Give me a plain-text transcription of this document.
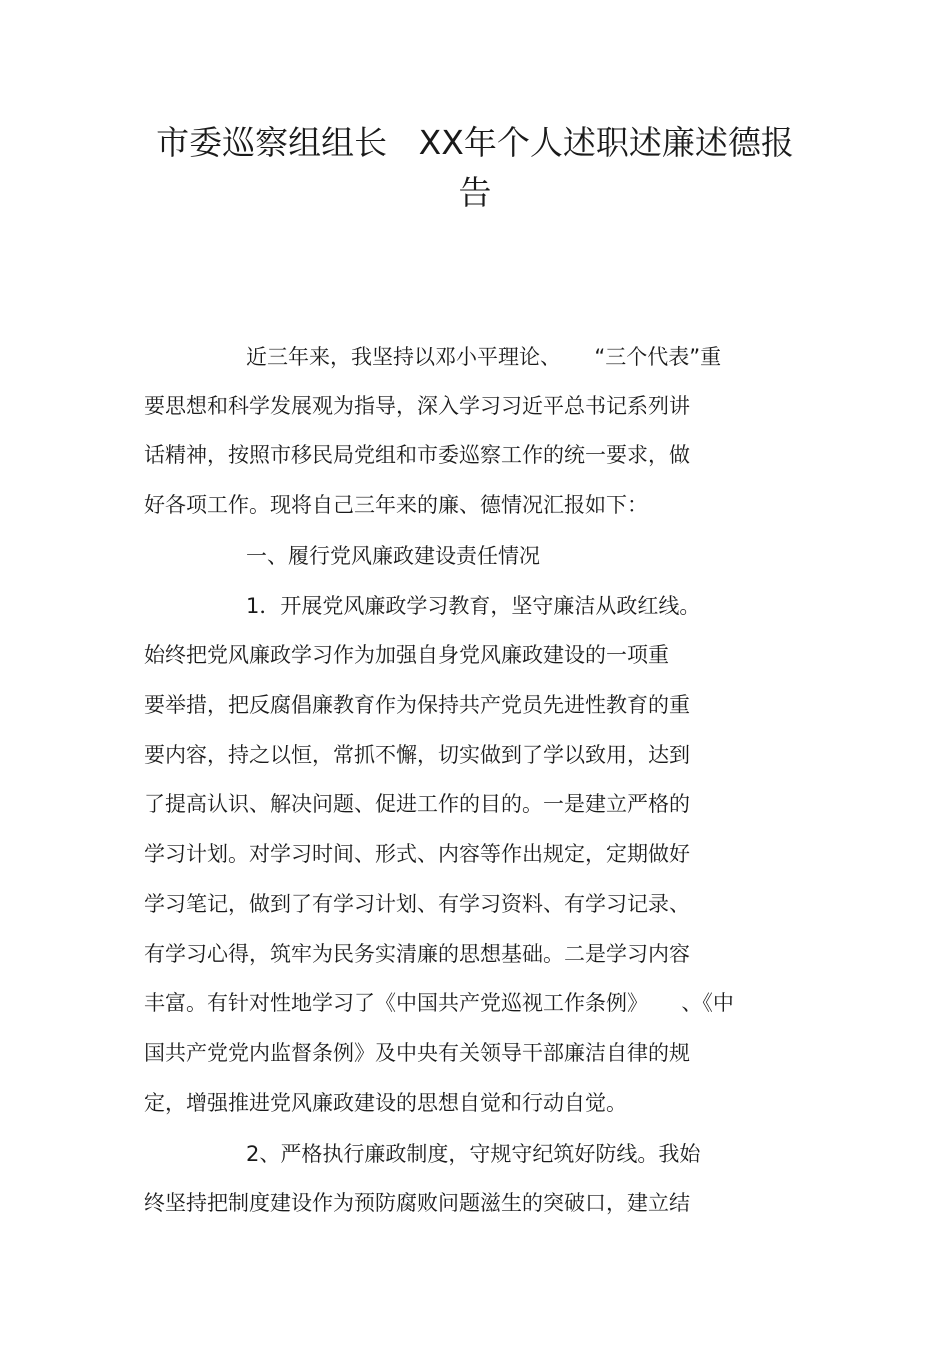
市委巡察组组长   XX年个人述职述廉述德报
告

近三年来，我坚持以邓小平理论、     “三个代表”重

要思想和科学发展观为指导，深入学习习近平总书记系列讲

话精神，按照市移民局党组和市委巡察工作的统一要求，做

好各项工作。现将自己三年来的廉、德情况汇报如下：

一、履行党风廉政建设责任情况

1．开展党风廉政学习教育，坚守廉洁从政红线。

始终把党风廉政学习作为加强自身党风廉政建设的一项重

要举措，把反腐倡廉教育作为保持共产党员先进性教育的重

要内容，持之以恒，常抓不懈，切实做到了学以致用，达到

了提高认识、解决问题、促进工作的目的。一是建立严格的

学习计划。对学习时间、形式、内容等作出规定，定期做好

学习笔记，做到了有学习计划、有学习资料、有学习记录、

有学习心得，筑牢为民务实清廉的思想基础。二是学习内容

丰富。有针对性地学习了《中国共产党巡视工作条例》     、《中

国共产党党内监督条例》及中央有关领导干部廉洁自律的规

定，增强推进党风廉政建设的思想自觉和行动自觉。

2、严格执行廉政制度，守规守纪筑好防线。我始

终坚持把制度建设作为预防腐败问题滋生的突破口，建立结
